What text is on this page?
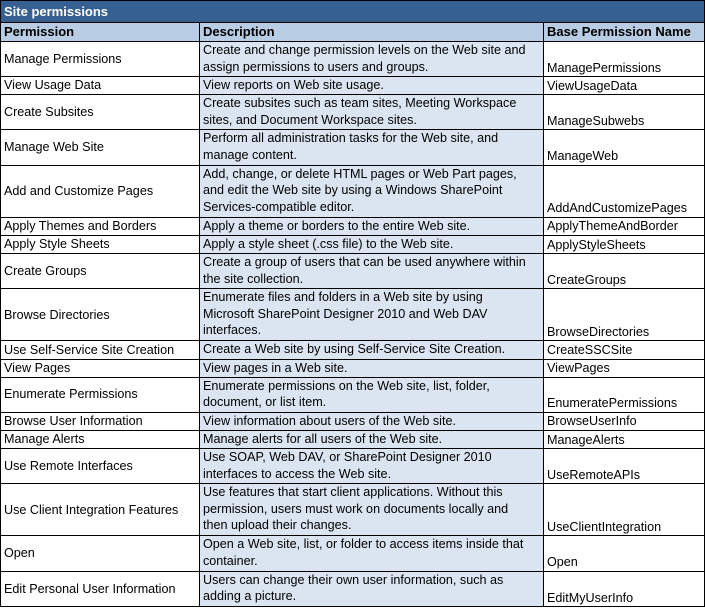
Site permissions		
Permission	Description	Base Permission Name
Manage Permissions	Create and change permission levels on the Web site and
assign permissions to users and groups.	ManagePermissions
View Usage Data	View reports on Web site usage.	ViewUsageData
Create Subsites	Create subsites such as team sites, Meeting Workspace
sites, and Document Workspace sites.	ManageSubwebs
Manage Web Site	Perform all administration tasks for the Web site, and
manage content.	ManageWeb
Add and Customize Pages	Add, change, or delete HTML pages or Web Part pages,
and edit the Web site by using a Windows SharePoint
Services-compatible editor.	AddAndCustomizePages
Apply Themes and Borders	Apply a theme or borders to the entire Web site.	ApplyThemeAndBorder
Apply Style Sheets	Apply a style sheet (.css file) to the Web site.	ApplyStyleSheets
Create Groups	Create a group of users that can be used anywhere within
the site collection.	CreateGroups
Browse Directories	Enumerate files and folders in a Web site by using
Microsoft SharePoint Designer 2010 and Web DAV
interfaces.	BrowseDirectories
Use Self-Service Site Creation	Create a Web site by using Self-Service Site Creation.	CreateSSCSite
View Pages	View pages in a Web site.	ViewPages
Enumerate Permissions	Enumerate permissions on the Web site, list, folder,
document, or list item.	EnumeratePermissions
Browse User Information	View information about users of the Web site.	BrowseUserInfo
Manage Alerts	Manage alerts for all users of the Web site.	ManageAlerts
Use Remote Interfaces	Use SOAP, Web DAV, or SharePoint Designer 2010
interfaces to access the Web site.	UseRemoteAPIs
Use Client Integration Features	Use features that start client applications. Without this
permission, users must work on documents locally and
then upload their changes.	UseClientIntegration
Open	Open a Web site, list, or folder to access items inside that
container.	Open
Edit Personal User Information	Users can change their own user information, such as
adding a picture.	EditMyUserInfo
